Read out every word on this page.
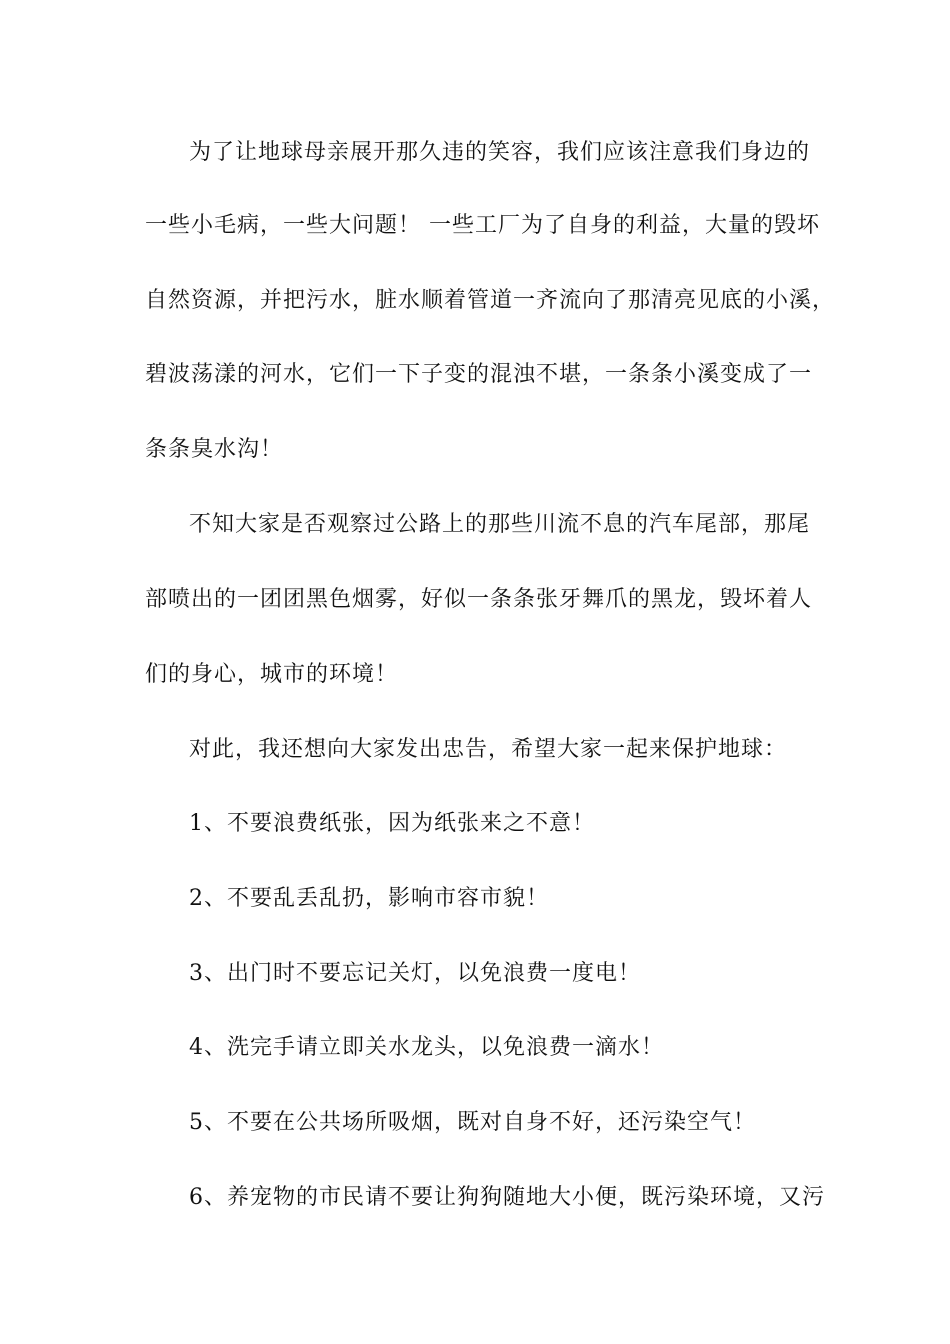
为了让地球母亲展开那久违的笑容，我们应该注意我们身边的
一些小毛病，一些大问题！ 一些工厂为了自身的利益，大量的毁坏
自然资源，并把污水，脏水顺着管道一齐流向了那清亮见底的小溪，
碧波荡漾的河水，它们一下子变的混浊不堪，一条条小溪变成了一
条条臭水沟！
不知大家是否观察过公路上的那些川流不息的汽车尾部，那尾
部喷出的一团团黑色烟雾，好似一条条张牙舞爪的黑龙，毁坏着人
们的身心，城市的环境！
对此，我还想向大家发出忠告，希望大家一起来保护地球：
1、不要浪费纸张，因为纸张来之不意！
2、不要乱丢乱扔，影响市容市貌！
3、出门时不要忘记关灯，以免浪费一度电！
4、洗完手请立即关水龙头，以免浪费一滴水！
5、不要在公共场所吸烟，既对自身不好，还污染空气！
6、养宠物的市民请不要让狗狗随地大小便，既污染环境，又污
